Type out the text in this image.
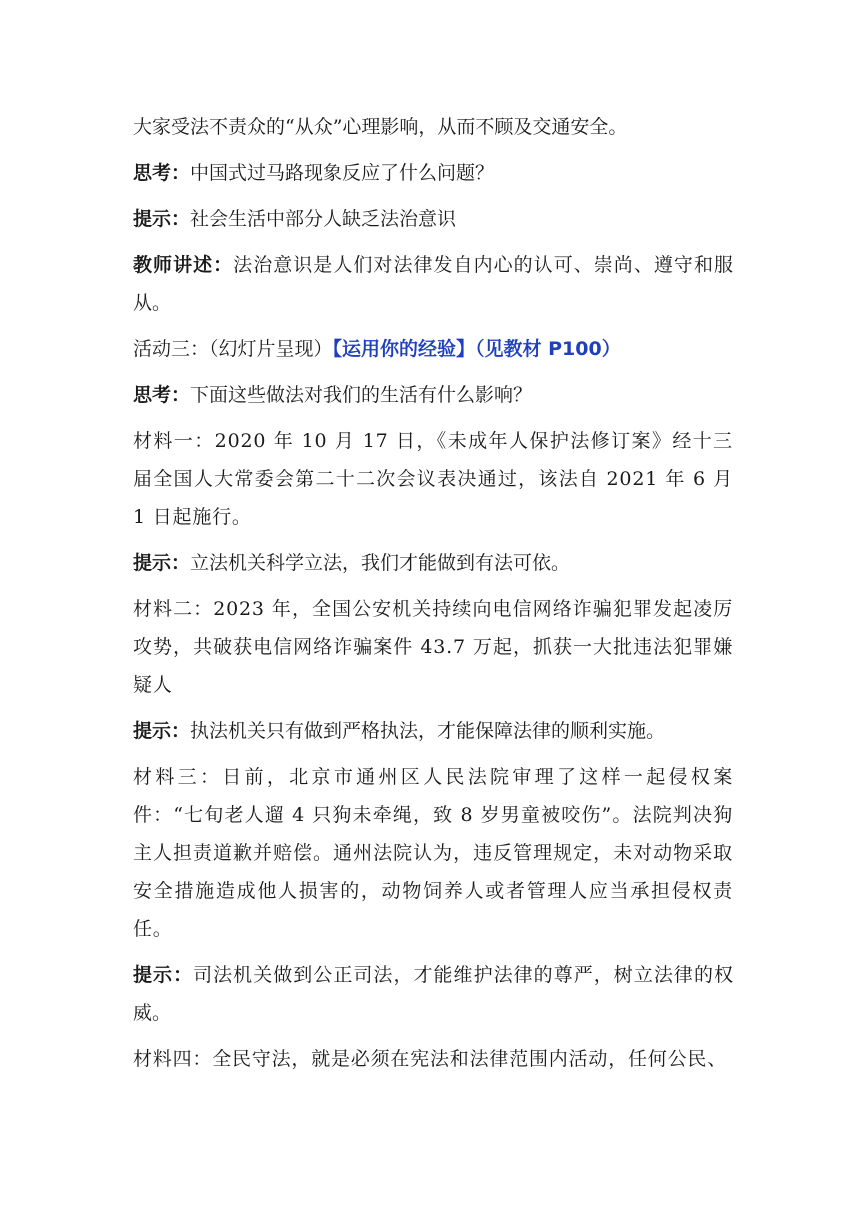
大家受法不责众的“从众”心理影响，从而不顾及交通安全。

思考：中国式过马路现象反应了什么问题？

提示：社会生活中部分人缺乏法治意识

教师讲述：法治意识是人们对法律发自内心的认可、崇尚、遵守和服从。

活动三：（幻灯片呈现）【运用你的经验】（见教材 P100）

思考：下面这些做法对我们的生活有什么影响？

材料一：2020 年 10 月 17 日，《未成年人保护法修订案》经十三届全国人大常委会第二十二次会议表决通过，该法自 2021 年 6 月 1 日起施行。

提示：立法机关科学立法，我们才能做到有法可依。

材料二：2023 年，全国公安机关持续向电信网络诈骗犯罪发起凌厉攻势，共破获电信网络诈骗案件 43.7 万起，抓获一大批违法犯罪嫌疑人

提示：执法机关只有做到严格执法，才能保障法律的顺利实施。

材料三：日前，北京市通州区人民法院审理了这样一起侵权案件：“七旬老人遛 4 只狗未牵绳，致 8 岁男童被咬伤”。法院判决狗主人担责道歉并赔偿。通州法院认为，违反管理规定，未对动物采取安全措施造成他人损害的，动物饲养人或者管理人应当承担侵权责任。

提示：司法机关做到公正司法，才能维护法律的尊严，树立法律的权威。

材料四：全民守法，就是必须在宪法和法律范围内活动，任何公民、
